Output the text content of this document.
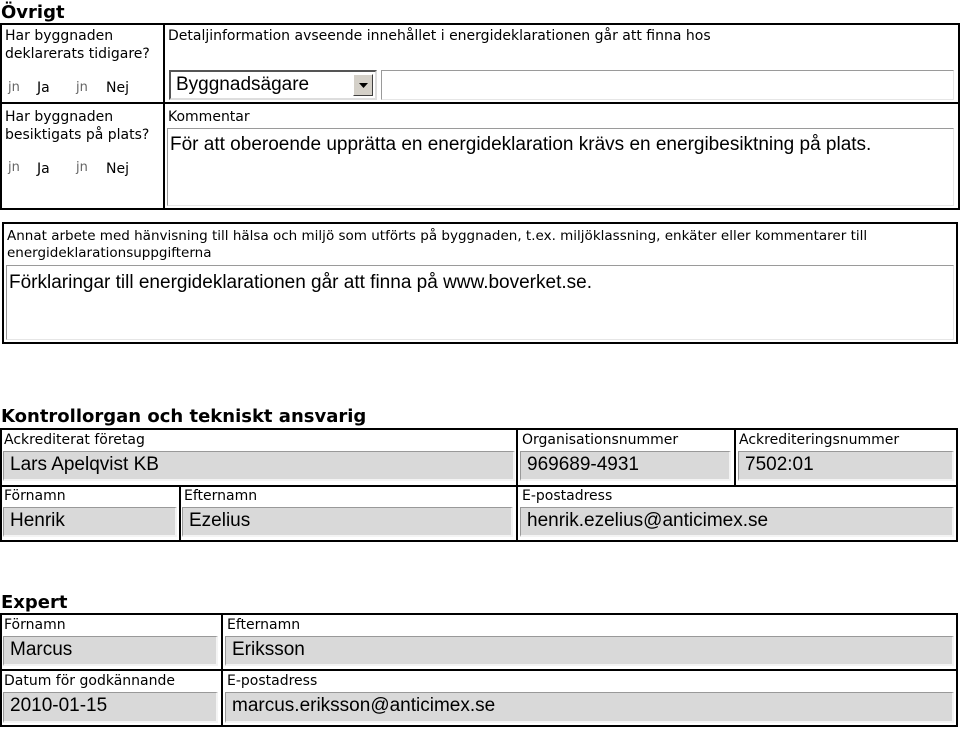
Övrigt
Har byggnaden
deklarerats tidigare?
jn Ja jn Nej
Detaljinformation avseende innehållet i energideklarationen går att finna hos
Byggnadsägare
Har byggnaden
besiktigats på plats?
jn Ja jn Nej
Kommentar
För att oberoende upprätta en energideklaration krävs en energibesiktning på plats.
Annat arbete med hänvisning till hälsa och miljö som utförts på byggnaden, t.ex. miljöklassning, enkäter eller kommentarer till energideklarationsuppgifterna
Förklaringar till energideklarationen går att finna på www.boverket.se.
Kontrollorgan och tekniskt ansvarig
Ackrediterat företag
Lars Apelqvist KB
Organisationsnummer
969689-4931
Ackrediteringsnummer
7502:01
Förnamn
Henrik
Efternamn
Ezelius
E-postadress
henrik.ezelius@anticimex.se
Expert
Förnamn
Marcus
Efternamn
Eriksson
Datum för godkännande
2010-01-15
E-postadress
marcus.eriksson@anticimex.se
